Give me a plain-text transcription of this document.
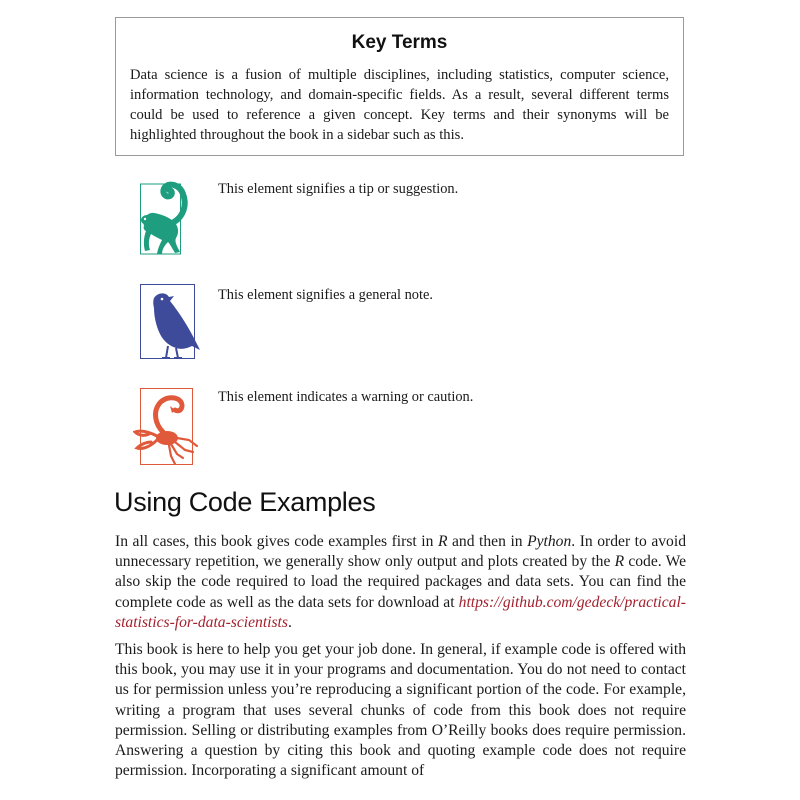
Key Terms
Data science is a fusion of multiple disciplines, including statistics, computer science, information technology, and domain-specific fields. As a result, several different terms could be used to reference a given concept. Key terms and their synonyms will be highlighted throughout the book in a sidebar such as this.
This element signifies a tip or suggestion.
This element signifies a general note.
This element indicates a warning or caution.
Using Code Examples

In all cases, this book gives code examples first in R and then in Python. In order to avoid unnecessary repetition, we generally show only output and plots created by the R code. We also skip the code required to load the required packages and data sets. You can find the complete code as well as the data sets for download at https://github.com/gedeck/practical-statistics-for-data-scientists.

This book is here to help you get your job done. In general, if example code is offered with this book, you may use it in your programs and documentation. You do not need to contact us for permission unless you’re reproducing a significant portion of the code. For example, writing a program that uses several chunks of code from this book does not require permission. Selling or distributing examples from O’Reilly books does require permission. Answering a question by citing this book and quoting example code does not require permission. Incorporating a significant amount of
